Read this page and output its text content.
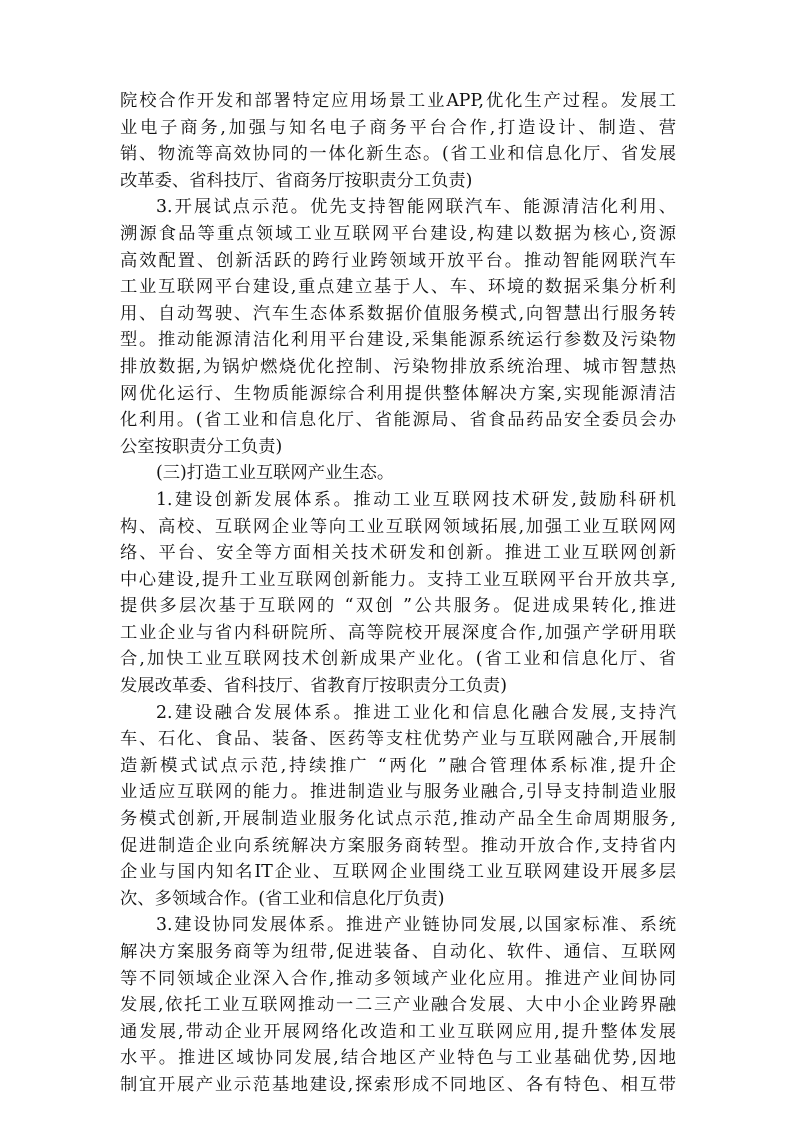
院校合作开发和部署特定应用场景工业APP,优化生产过程。发展工
业电子商务,加强与知名电子商务平台合作,打造设计、制造、营
销、物流等高效协同的一体化新生态。(省工业和信息化厅、省发展
改革委、省科技厅、省商务厅按职责分工负责)
3.开展试点示范。优先支持智能网联汽车、能源清洁化利用、
溯源食品等重点领域工业互联网平台建设,构建以数据为核心,资源
高效配置、创新活跃的跨行业跨领域开放平台。推动智能网联汽车
工业互联网平台建设,重点建立基于人、车、环境的数据采集分析利
用、自动驾驶、汽车生态体系数据价值服务模式,向智慧出行服务转
型。推动能源清洁化利用平台建设,采集能源系统运行参数及污染物
排放数据,为锅炉燃烧优化控制、污染物排放系统治理、城市智慧热
网优化运行、生物质能源综合利用提供整体解决方案,实现能源清洁
化利用。(省工业和信息化厅、省能源局、省食品药品安全委员会办
公室按职责分工负责)
(三)打造工业互联网产业生态。
1.建设创新发展体系。推动工业互联网技术研发,鼓励科研机
构、高校、互联网企业等向工业互联网领域拓展,加强工业互联网网
络、平台、安全等方面相关技术研发和创新。推进工业互联网创新
中心建设,提升工业互联网创新能力。支持工业互联网平台开放共享,
提供多层次基于互联网的 “双创 ”公共服务。促进成果转化,推进
工业企业与省内科研院所、高等院校开展深度合作,加强产学研用联
合,加快工业互联网技术创新成果产业化。(省工业和信息化厅、省
发展改革委、省科技厅、省教育厅按职责分工负责)
2.建设融合发展体系。推进工业化和信息化融合发展,支持汽
车、石化、食品、装备、医药等支柱优势产业与互联网融合,开展制
造新模式试点示范,持续推广 “两化 ”融合管理体系标准,提升企
业适应互联网的能力。推进制造业与服务业融合,引导支持制造业服
务模式创新,开展制造业服务化试点示范,推动产品全生命周期服务,
促进制造企业向系统解决方案服务商转型。推动开放合作,支持省内
企业与国内知名IT企业、互联网企业围绕工业互联网建设开展多层
次、多领域合作。(省工业和信息化厅负责)
3.建设协同发展体系。推进产业链协同发展,以国家标准、系统
解决方案服务商等为纽带,促进装备、自动化、软件、通信、互联网
等不同领域企业深入合作,推动多领域产业化应用。推进产业间协同
发展,依托工业互联网推动一二三产业融合发展、大中小企业跨界融
通发展,带动企业开展网络化改造和工业互联网应用,提升整体发展
水平。推进区域协同发展,结合地区产业特色与工业基础优势,因地
制宜开展产业示范基地建设,探索形成不同地区、各有特色、相互带
